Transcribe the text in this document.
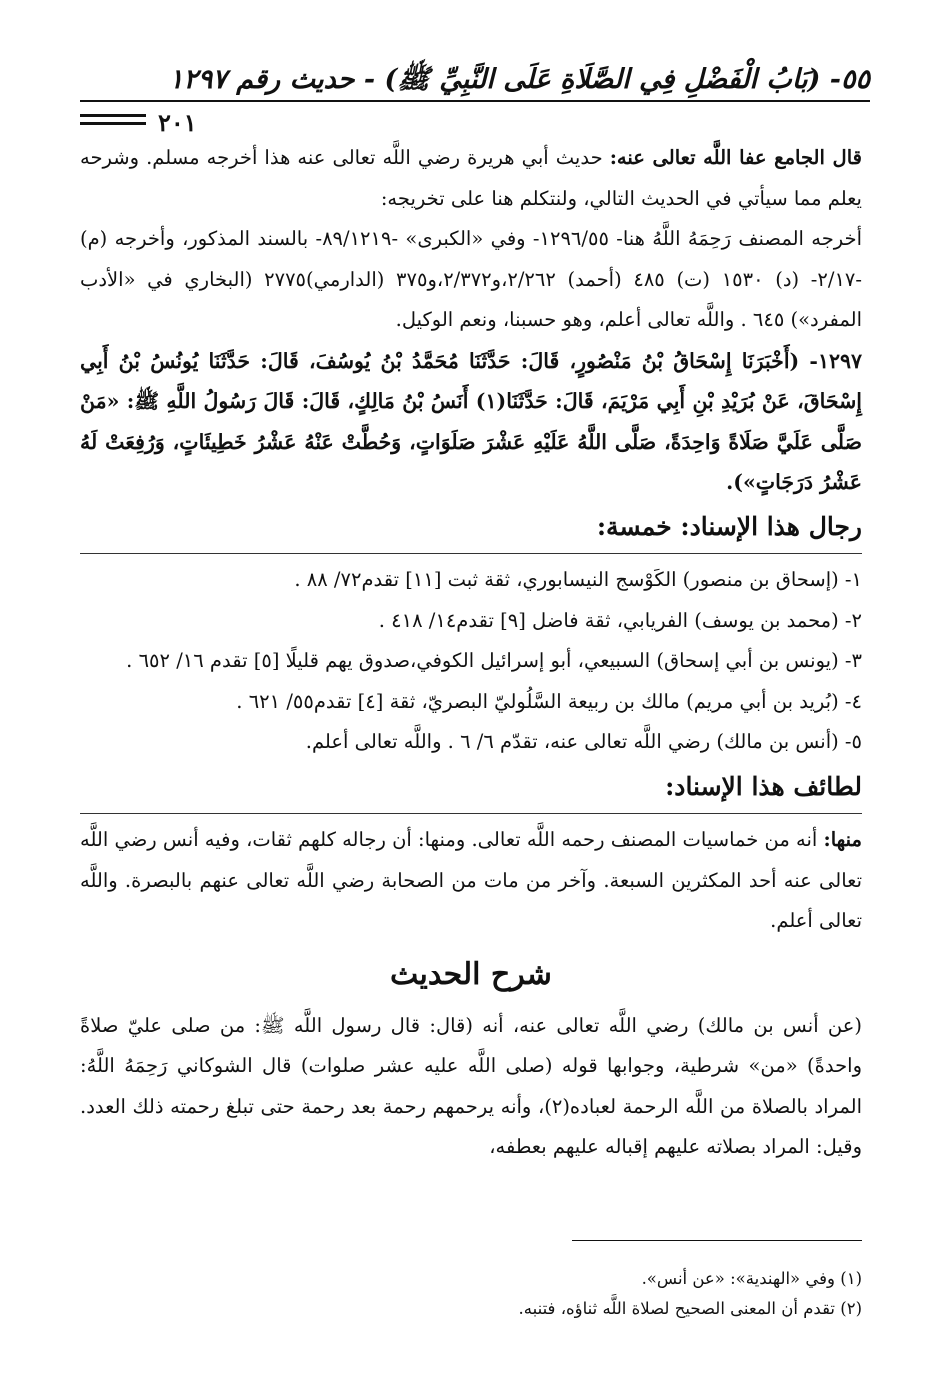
٥٥- (بَابُ الْفَضْلِ فِي الصَّلَاةِ عَلَى النَّبِيِّ ﷺ) - حديث رقم ١٢٩٧
٢٠١

قال الجامع عفا اللَّه تعالى عنه: حديث أبي هريرة رضي اللَّه تعالى عنه هذا أخرجه مسلم. وشرحه يعلم مما سيأتي في الحديث التالي، ولنتكلم هنا على تخريجه:

أخرجه المصنف رَحِمَهُ اللَّهُ هنا- ١٢٩٦/٥٥- وفي «الكبرى» -٨٩/١٢١٩- بالسند المذكور، وأخرجه (م) -٢/١٧- (د) ١٥٣٠ (ت) ٤٨٥ (أحمد) ٢/٢٦٢،و٢/٣٧٢،و٣٧٥ (الدارمي)٢٧٧٥ (البخاري في «الأدب المفرد») ٦٤٥ . واللَّه تعالى أعلم، وهو حسبنا، ونعم الوكيل.

١٢٩٧- (أَخْبَرَنَا إِسْحَاقُ بْنُ مَنْصُورٍ، قَالَ: حَدَّثَنَا مُحَمَّدُ بْنُ يُوسُفَ، قَالَ: حَدَّثَنَا يُونُسُ بْنُ أَبِي إِسْحَاقَ، عَنْ بُرَيْدِ بْنِ أَبِي مَرْيَمَ، قَالَ: حَدَّثَنَا(١) أَنَسُ بْنُ مَالِكٍ، قَالَ: قَالَ رَسُولُ اللَّهِ ﷺ: «مَنْ صَلَّى عَلَيَّ صَلَاةً وَاحِدَةً، صَلَّى اللَّهُ عَلَيْهِ عَشْرَ صَلَوَاتٍ، وَحُطَّتْ عَنْهُ عَشْرُ خَطِيئَاتٍ، وَرُفِعَتْ لَهُ عَشْرُ دَرَجَاتٍ»).

رجال هذا الإسناد: خمسة:

١- (إسحاق بن منصور) الكَوْسج النيسابوري، ثقة ثبت [١١] تقدم٧٢/ ٨٨ .

٢- (محمد بن يوسف) الفريابي، ثقة فاضل [٩] تقدم١٤/ ٤١٨ .

٣- (يونس بن أبي إسحاق) السبيعي، أبو إسرائيل الكوفي،صدوق يهم قليلًا [٥] تقدم ١٦/ ٦٥٢ .

٤- (بُريد بن أبي مريم) مالك بن ربيعة السَّلُوليّ البصريّ، ثقة [٤] تقدم٥٥/ ٦٢١ .

٥- (أنس بن مالك) رضي اللَّه تعالى عنه، تقدّم ٦/ ٦ . واللَّه تعالى أعلم.

لطائف هذا الإسناد:

منها: أنه من خماسيات المصنف رحمه اللَّه تعالى. ومنها: أن رجاله كلهم ثقات، وفيه أنس رضي اللَّه تعالى عنه أحد المكثرين السبعة. وآخر من مات من الصحابة رضي اللَّه تعالى عنهم بالبصرة. واللَّه تعالى أعلم.

شرح الحديث

(عن أنس بن مالك) رضي اللَّه تعالى عنه، أنه (قال: قال رسول اللَّه ﷺ: من صلى عليّ صلاةً واحدةً) «من» شرطية، وجوابها قوله (صلى اللَّه عليه عشر صلوات) قال الشوكاني رَحِمَهُ اللَّهُ: المراد بالصلاة من اللَّه الرحمة لعباده(٢)، وأنه يرحمهم رحمة بعد رحمة حتى تبلغ رحمته ذلك العدد. وقيل: المراد بصلاته عليهم إقباله عليهم بعطفه،

(١) وفي «الهندية»: «عن أنس».

(٢) تقدم أن المعنى الصحيح لصلاة اللَّه ثناؤه، فتنبه.
